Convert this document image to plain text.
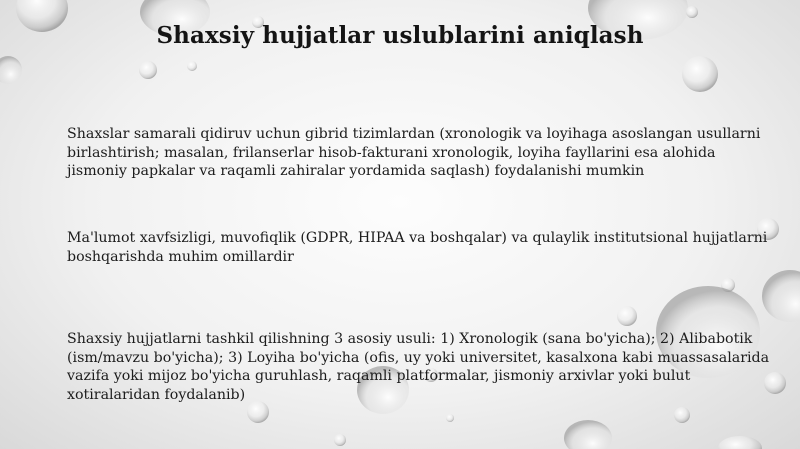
Shaxsiy hujjatlar uslublarini aniqlash
Shaxslar samarali qidiruv uchun gibrid tizimlardan (xronologik va loyihaga asoslangan usullarni birlashtirish; masalan, frilanserlar hisob-fakturani xronologik, loyiha fayllarini esa alohida jismoniy papkalar va raqamli zahiralar yordamida saqlash) foydalanishi mumkin
Ma'lumot xavfsizligi, muvofiqlik (GDPR, HIPAA va boshqalar) va qulaylik institutsional hujjatlarni boshqarishda muhim omillardir
Shaxsiy hujjatlarni tashkil qilishning 3 asosiy usuli: 1) Xronologik (sana bo'yicha); 2) Alibabotik (ism/mavzu bo'yicha); 3) Loyiha bo'yicha (ofis, uy yoki universitet, kasalxona kabi muassasalarida vazifa yoki mijoz bo'yicha guruhlash, raqamli platformalar, jismoniy arxivlar yoki bulut xotiralaridan foydalanib)
